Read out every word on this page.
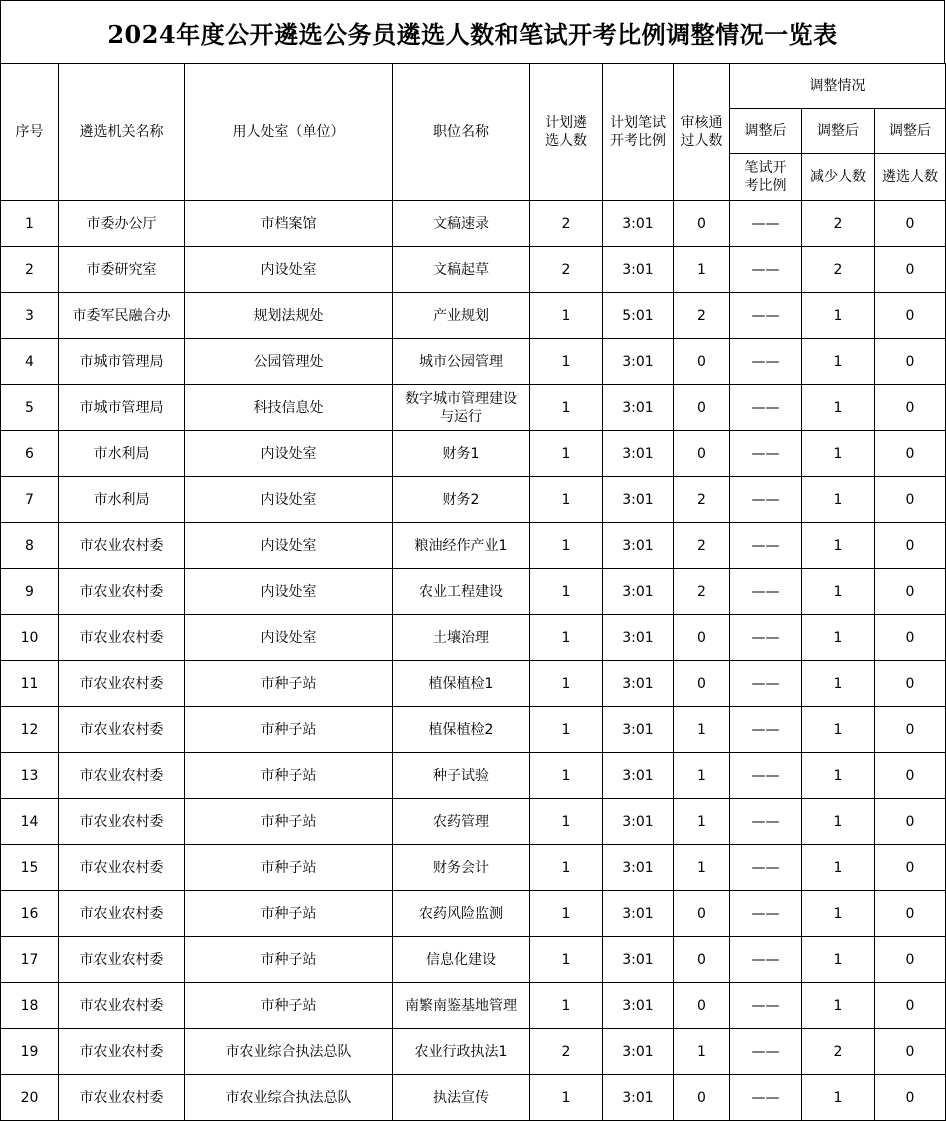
2024年度公开遴选公务员遴选人数和笔试开考比例调整情况一览表
序号	遴选机关名称	用人处室（单位）	职位名称	计划遴选人数	计划笔试开考比例	审核通过人数	调整情况		
							调整后	调整后	调整后
							笔试开考比例	减少人数	遴选人数
1	市委办公厅	市档案馆	文稿速录	2	3:01	0	——	2	0
2	市委研究室	内设处室	文稿起草	2	3:01	1	——	2	0
3	市委军民融合办	规划法规处	产业规划	1	5:01	2	——	1	0
4	市城市管理局	公园管理处	城市公园管理	1	3:01	0	——	1	0
5	市城市管理局	科技信息处	数字城市管理建设与运行	1	3:01	0	——	1	0
6	市水利局	内设处室	财务1	1	3:01	0	——	1	0
7	市水利局	内设处室	财务2	1	3:01	2	——	1	0
8	市农业农村委	内设处室	粮油经作产业1	1	3:01	2	——	1	0
9	市农业农村委	内设处室	农业工程建设	1	3:01	2	——	1	0
10	市农业农村委	内设处室	土壤治理	1	3:01	0	——	1	0
11	市农业农村委	市种子站	植保植检1	1	3:01	0	——	1	0
12	市农业农村委	市种子站	植保植检2	1	3:01	1	——	1	0
13	市农业农村委	市种子站	种子试验	1	3:01	1	——	1	0
14	市农业农村委	市种子站	农药管理	1	3:01	1	——	1	0
15	市农业农村委	市种子站	财务会计	1	3:01	1	——	1	0
16	市农业农村委	市种子站	农药风险监测	1	3:01	0	——	1	0
17	市农业农村委	市种子站	信息化建设	1	3:01	0	——	1	0
18	市农业农村委	市种子站	南繁南鉴基地管理	1	3:01	0	——	1	0
19	市农业农村委	市农业综合执法总队	农业行政执法1	2	3:01	1	——	2	0
20	市农业农村委	市农业综合执法总队	执法宣传	1	3:01	0	——	1	0
